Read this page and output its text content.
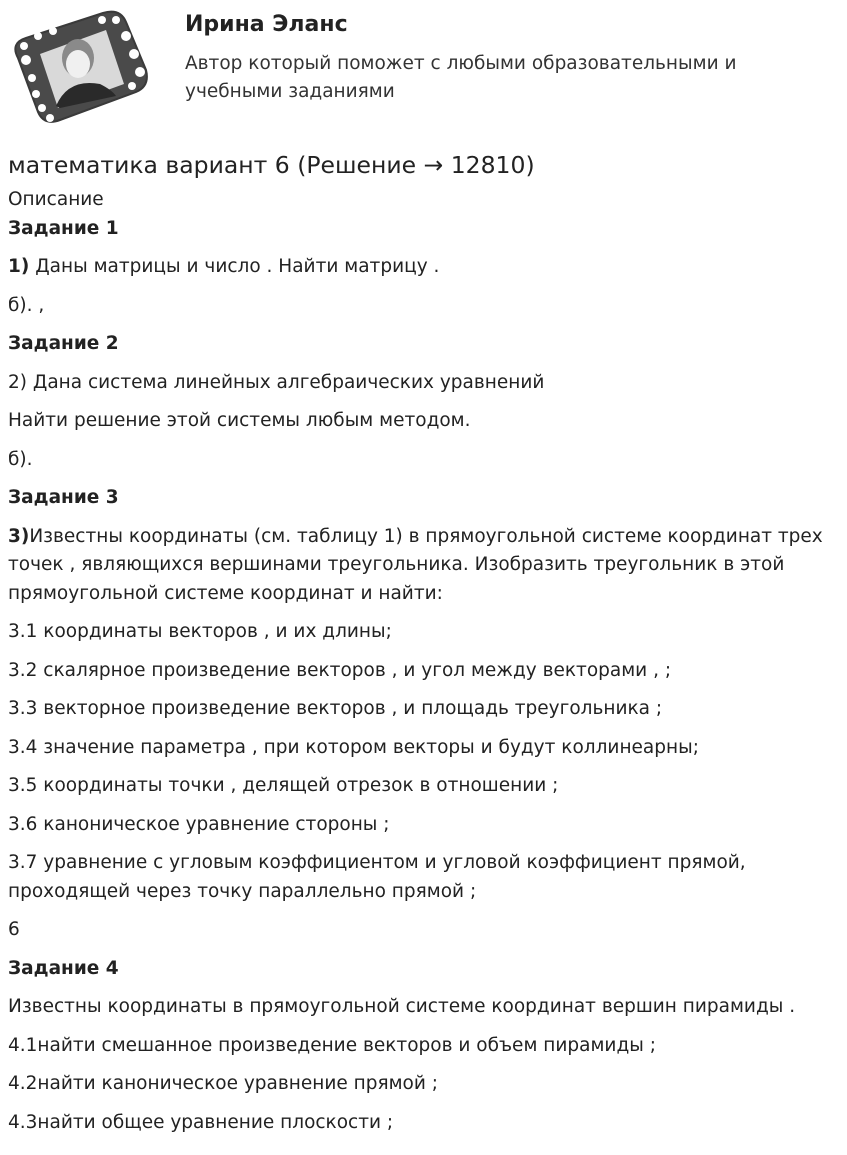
Ирина Эланс
Автор который поможет с любыми образовательными и учебными заданиями
математика вариант 6 (Решение → 12810)

Описание

Задание 1

1) Даны матрицы и число . Найти матрицу .

б). ,

Задание 2

2) Дана система линейных алгебраических уравнений

Найти решение этой системы любым методом.

б).

Задание 3

3)Известны координаты (см. таблицу 1) в прямоугольной системе координат трех точек , являющихся вершинами треугольника. Изобразить треугольник в этой прямоугольной системе координат и найти:

3.1 координаты векторов , и их длины;

3.2 скалярное произведение векторов , и угол между векторами , ;

3.3 векторное произведение векторов , и площадь треугольника ;

3.4 значение параметра , при котором векторы и будут коллинеарны;

3.5 координаты точки , делящей отрезок в отношении ;

3.6 каноническое уравнение стороны ;

3.7 уравнение с угловым коэффициентом и угловой коэффициент прямой, проходящей через точку параллельно прямой ;

6

Задание 4

Известны координаты в прямоугольной системе координат вершин пирамиды .

4.1найти смешанное произведение векторов и объем пирамиды ;

4.2найти каноническое уравнение прямой ;

4.3найти общее уравнение плоскости ;
